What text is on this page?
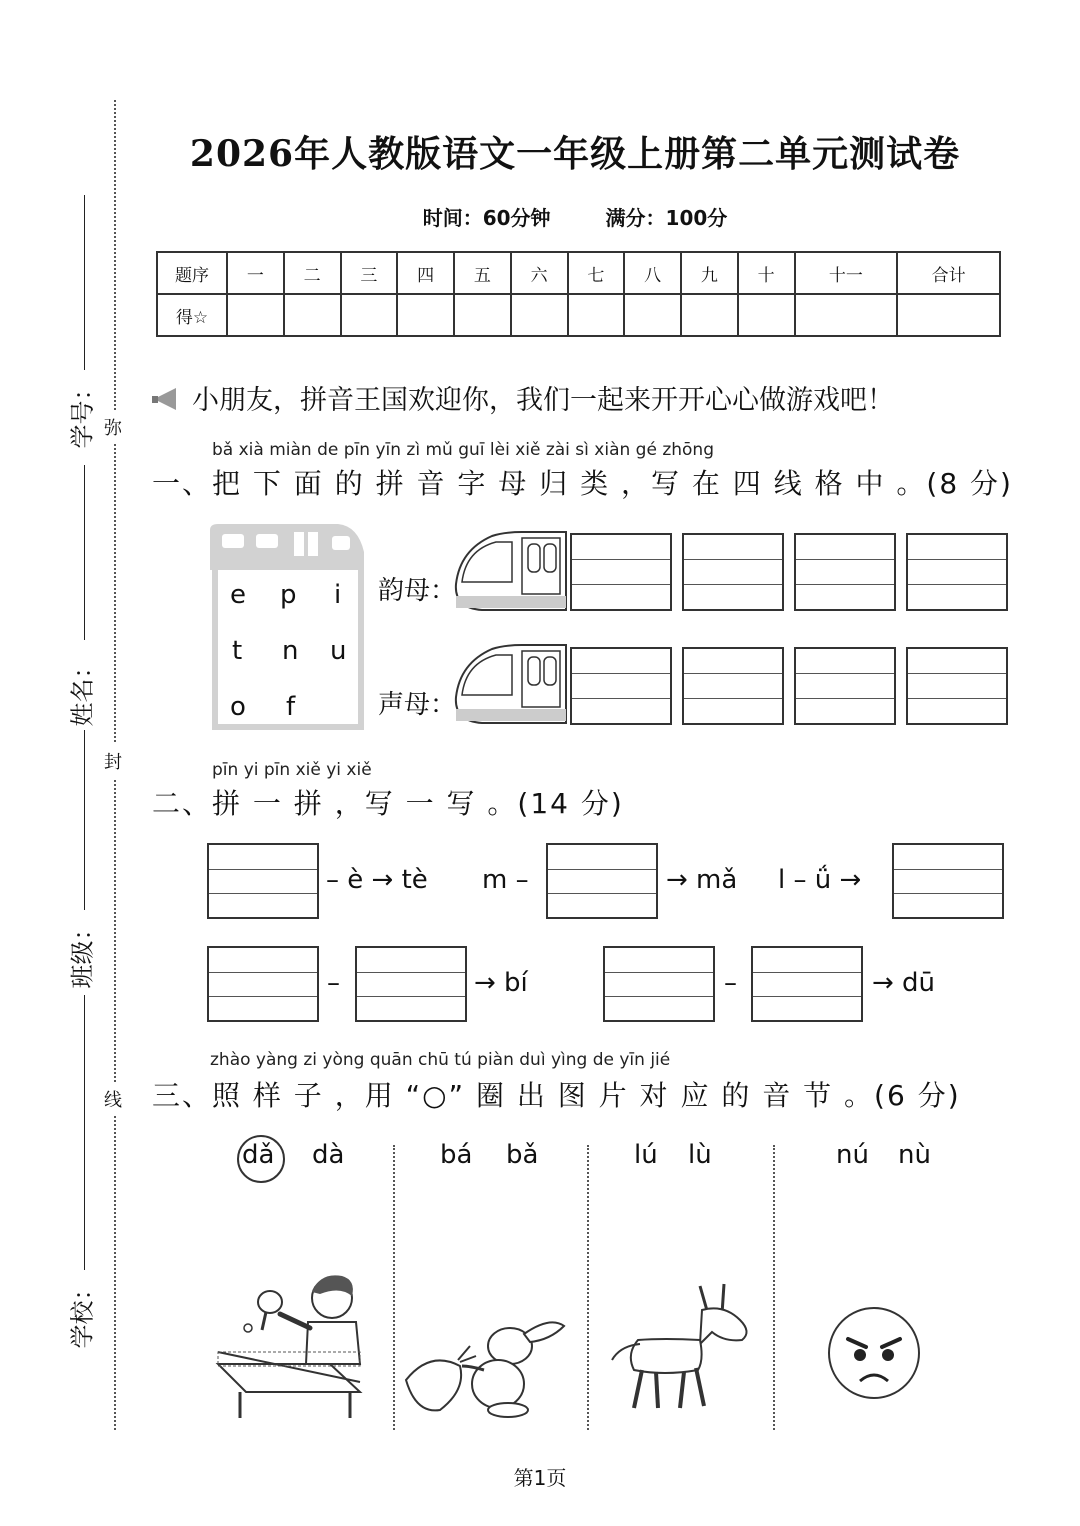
学号：
姓名：
班级：
学校：
弥
封
线
2026年人教版语文一年级上册第二单元测试卷
时间：60分钟	满分：100分
题序	一	二	三	四	五	六	七	八	九	十	十一	合计
得☆												
小朋友，拼音王国欢迎你，我们一起来开开心心做游戏吧！
bǎ xià miàn de pīn yīn zì mǔ guī lèi xiě zài sì xiàn gé zhōng
一、把 下 面 的 拼 音 字 母 归 类 ，写 在 四 线 格 中 。(8 分)
e p i
t n u
o f
韵母：
声母：
pīn yi pīn xiě yi xiě
二、拼 一 拼 ，写 一 写 。(14 分)
– è → tè m –	→ mǎ l – ǘ →
–	→ bí	–	→ dū
zhào yàng zi yòng quān chū tú piàn duì yìng de yīn jié
三、照 样 子 ，用 “○” 圈 出 图 片 对 应 的 音 节 。(6 分)
dǎ dà	bá bǎ	lú lù	nú nù
第1页
